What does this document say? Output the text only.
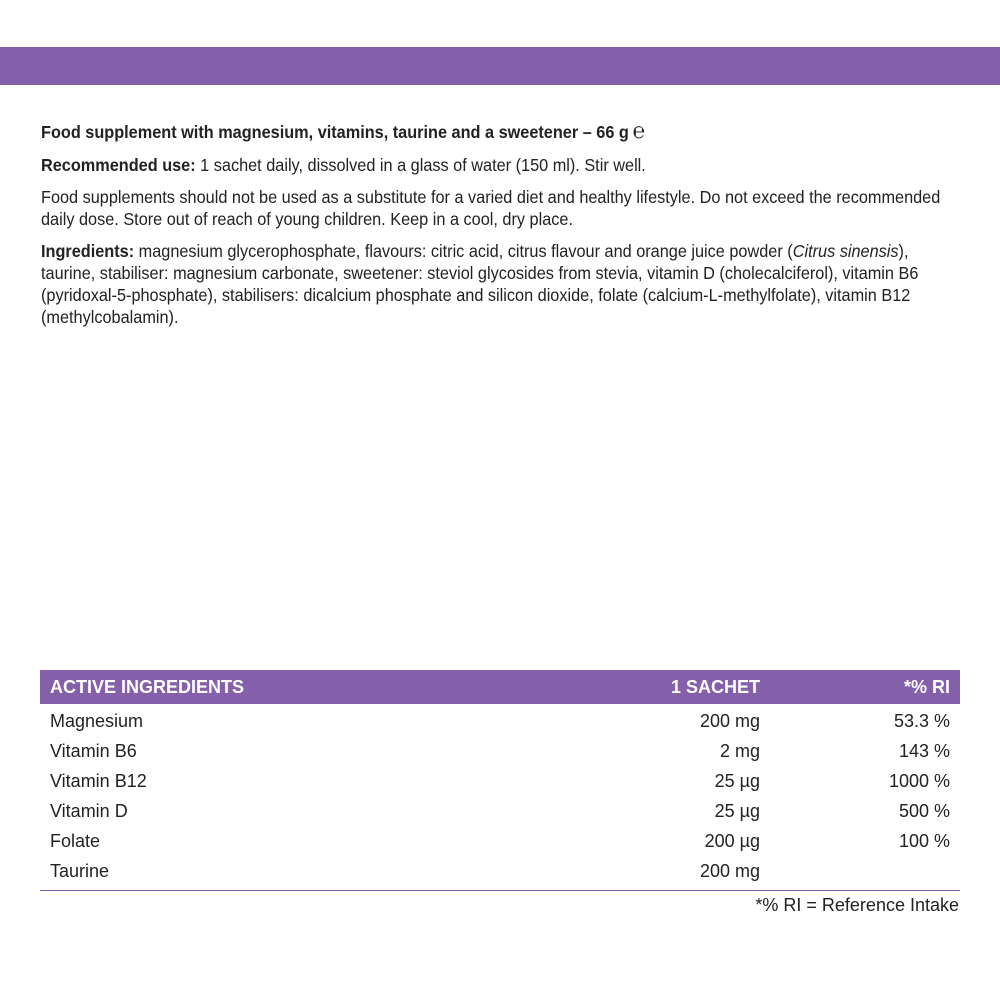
Food supplement with magnesium, vitamins, taurine and a sweetener – 66 g ℮

Recommended use: 1 sachet daily, dissolved in a glass of water (150 ml). Stir well.

Food supplements should not be used as a substitute for a varied diet and healthy lifestyle. Do not exceed the recommended daily dose. Store out of reach of young children. Keep in a cool, dry place.

Ingredients: magnesium glycerophosphate, flavours: citric acid, citrus flavour and orange juice powder (Citrus sinensis), taurine, stabiliser: magnesium carbonate, sweetener: steviol glycosides from stevia, vitamin D (cholecalciferol), vitamin B6 (pyridoxal-5-phosphate), stabilisers: dicalcium phosphate and silicon dioxide, folate (calcium-L-methylfolate), vitamin B12 (methylcobalamin).

ACTIVE INGREDIENTS	1 SACHET	*% RI
Magnesium	200 mg	53.3 %
Vitamin B6	2 mg	143 %
Vitamin B12	25 µg	1000 %
Vitamin D	25 µg	500 %
Folate	200 µg	100 %
Taurine	200 mg
*% RI = Reference Intake
